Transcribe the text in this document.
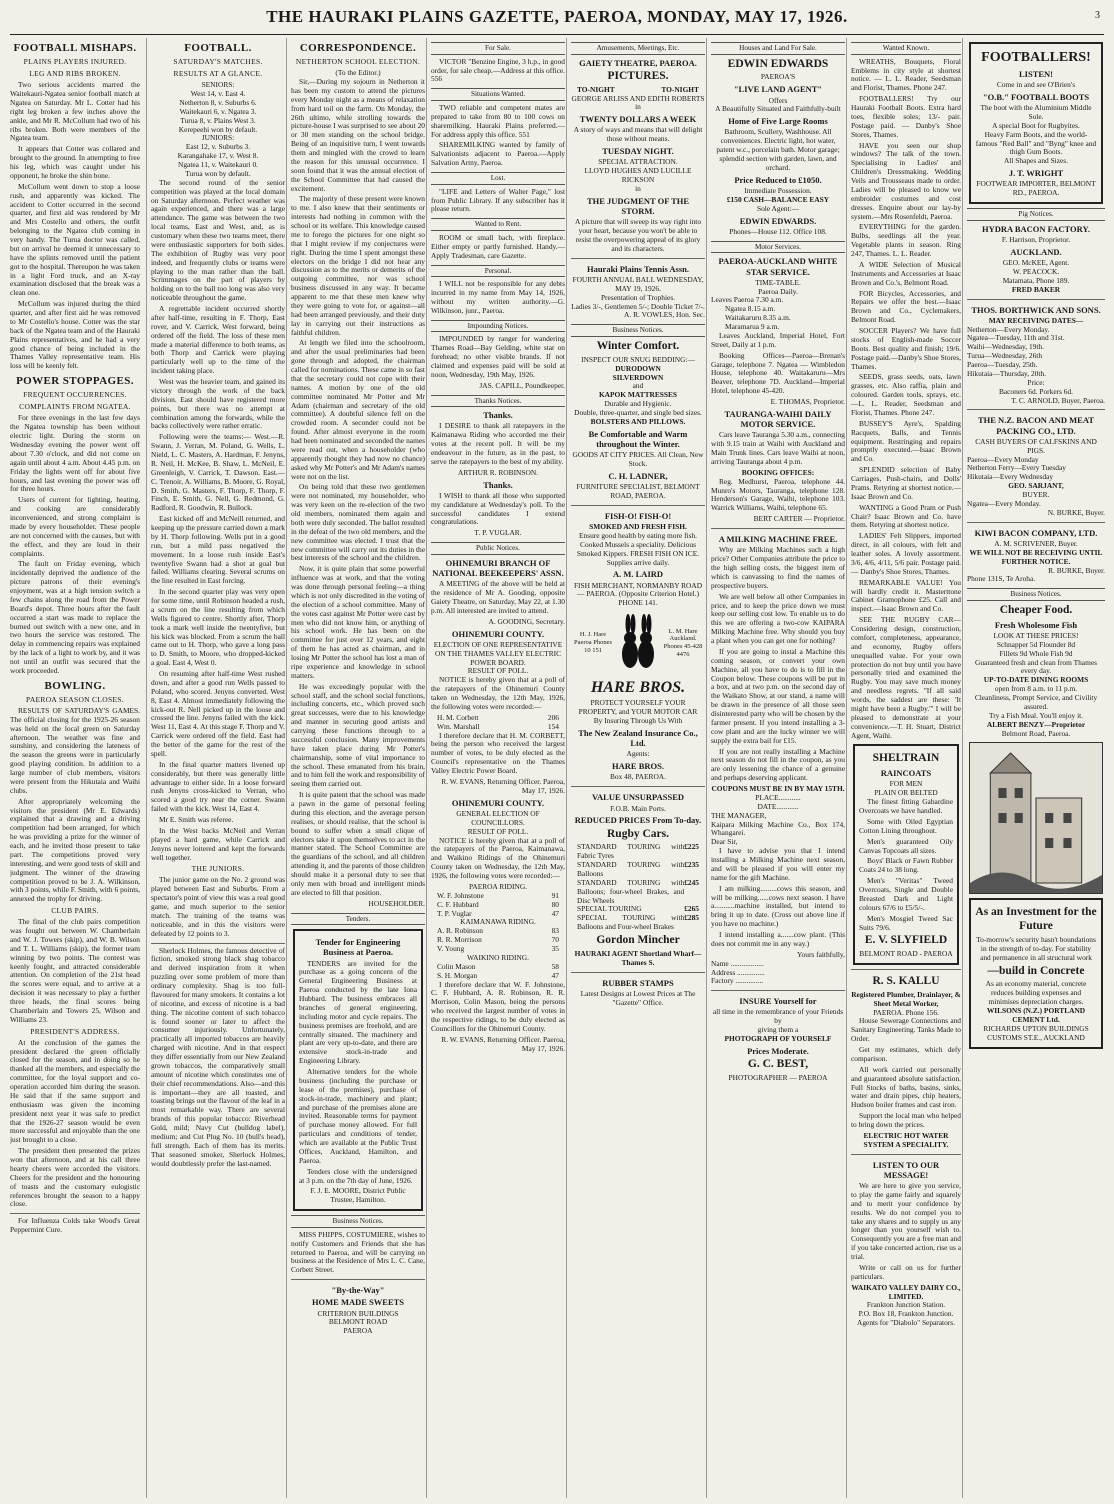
THE HAURAKI PLAINS GAZETTE, PAEROA, MONDAY, MAY 17, 1926.	3
FOOTBALL MISHAPS.
PLAINS PLAYERS INJURED.
LEG AND RIBS BROKEN.

Two serious accidents marred the Waitekauri-Ngatea senior football match at Ngatea on Saturday. Mr L. Cotter had his right leg broken a few inches above the ankle, and Mr R. McCollum had two of his ribs broken. Both were members of the Ngatea team.

It appears that Cotter was collared and brought to the ground. In attempting to free his leg, which was caught under his opponent, he broke the shin bone.

McCollum went down to stop a loose rush, and apparently was kicked. The accident to Cotter occurred in the second quarter, and first aid was rendered by Mr and Mrs Costello and others, the outfit belonging to the Ngatea club coming in very handy. The Turua doctor was called, but on arrival he deemed it unnecessary to have the splints removed until the patient got to the hospital. Thereupon he was taken in a light Ford truck, and an X-ray examination disclosed that the break was a clean one.

McCollum was injured during the third quarter, and after first aid he was removed to Mr Costello's house. Cotter was the star back of the Ngatea team and of the Hauraki Plains representatives, and he had a very good chance of being included in the Thames Valley representative team. His loss will be keenly felt.

POWER STOPPAGES.
FREQUENT OCCURRENCES.
COMPLAINTS FROM NGATEA.

For three evenings in the last few days the Ngatea township has been without electric light. During the storm on Wednesday evening the power went off about 7.30 o'clock, and did not come on again until about 4 a.m. About 4.45 p.m. on Friday the lights went off for about five hours, and last evening the power was off for three hours.

Users of current for lighting, heating, and cooking are considerably inconvenienced, and strong complaint is made by every householder. These people are not concerned with the causes, but with the effect, and they are loud in their complaints.

The fault on Friday evening, which incidentally deprived the audience of the picture patrons of their evening's enjoyment, was at a high tension switch a few chains along the road from the Power Board's depot. Three hours after the fault occurred a start was made to replace the burned out switch with a new one, and in two hours the service was restored. The delay in commencing repairs was explained by the lack of a light to work by, and it was not until an outfit was secured that the work proceeded.

BOWLING.
PAEROA SEASON CLOSES.

RESULTS OF SATURDAY'S GAMES. The official closing for the 1925-26 season was held on the local green on Saturday afternoon. The weather was fine and sunshiny, and considering the lateness of the season the greens were in particularly good playing condition. In addition to a large number of club members, visitors were present from the Hikutaia and Waihi clubs.

After appropriately welcoming the visitors the president (Mr E. Edwards) explained that a drawing and a driving competition had been arranged, for which he was providing a prize for the winner of each, and he invited those present to take part. The competitions proved very interesting, and were good tests of skill and judgment. The winner of the drawing competition proved to be J. A. Wilkinson, with 3 points, while F. Smith, with 6 points, annexed the trophy for driving.

CLUB PAIRS.

The final of the club pairs competition was fought out between W. Chamberlain and W. J. Towers (skip), and W. B. Wilson and T. L. Williams (skip), the former team winning by two points. The contest was keenly fought, and attracted considerable attention. On completion of the 21st head the scores were equal, and to arrive at a decision it was necessary to play a further three heads, the final scores being Chamberlain and Towers 25, Wilson and Williams 23.

PRESIDENT'S ADDRESS.

At the conclusion of the games the president declared the green officially closed for the season, and in doing so he thanked all the members, and especially the committee, for the loyal support and co-operation accorded him during the season. He said that if the same support and enthusiasm was given the incoming president next year it was safe to predict that the 1926-27 season would be even more successful and enjoyable than the one just brought to a close.

The president then presented the prizes won that afternoon, and at his call three hearty cheers were accorded the visitors. Cheers for the president and the honouring of toasts and the customary eulogistic references brought the season to a happy close.

For Influenza Colds take Wood's Great Peppermint Cure.

FOOTBALL.
SATURDAY'S MATCHES.
RESULTS AT A GLANCE.
SENIORS:
West 14, v. East 4.
Netherton 8, v. Suburbs 6.
Waitekauri 6, v. Ngatea 3.
Turua 8, v. Plains West 3.
Kerepeehi won by default.
JUNIORS:
East 12, v. Suburbs 3.
Karangahake 17, v. West 8.
Ngatea 11, v. Waitekauri 0.
Turua won by default.

The second round of the senior competition was played at the local domain on Saturday afternoon. Perfect weather was again experienced, and there was a large attendance. The game was between the two local teams, East and West, and, as is customary when these two teams meet, there were enthusiastic supporters for both sides. The exhibition of Rugby was very poor indeed, and frequently clubs or teams were playing to the man rather than the ball. Scrimmages on the part of players by holding on to the ball too long was also very noticeable throughout the game.

A regrettable incident occurred shortly after half-time, resulting in F. Thorp, East rover, and V. Carrick, West forward, being ordered off the field. The loss of these men made a material difference to both teams, as both Thorp and Carrick were playing particularly well up to the time of the incident taking place.

West was the heavier team, and gained its victory through the work of the back division. East should have registered more points, but there was no attempt at combination among the forwards, while the backs collectively were rather erratic.

Following were the teams:— West.—R. Swann, J. Verran, M. Poland, G. Wells, L. Nield, L. C. Masters, A. Hardman, F. Jenyns, R. Neil, H. McKee, B. Shaw, L. McNeil, E. Greenleigh, V. Carrick, T. Dawson. East.—C. Trenoir, A. Williams, B. Moore, G. Royal, D. Smith, G. Masters, F. Thorp, F. Thorp, F. Finch, E. Smith, G. Nell, G. Redmond, G. Radford, R. Goodwin, R. Bullock.

East kicked off and McNeill returned, and keeping up the pressure carried down a mark by H. Thorp following. Wells put in a good run, but a mild pass negatived the movement. In a loose rush inside East's twentyfive Swann had a shot at goal but failed. Williams clearing. Several scrums on the line resulted in East forcing.

In the second quarter play was very open for some time, until Robinson headed a rush, a scrum on the line resulting from which Wells figured to centre. Shortly after, Thorp took a mark well inside the twentyfive, but his kick was blocked. From a scrum the ball came out to H. Thorp, who gave a long pass to D. Smith, to Moore, who dropped-kicked a goal. East 4, West 0.

On resuming after half-time West rushed down, and after a good run Wells passed to Poland, who scored. Jenyns converted. West 8, East 4. Almost immediately following the kick-out R. Nell picked up in the loose and crossed the line. Jenyns failed with the kick. West 11, East 4. At this stage F. Thorp and V. Carrick were ordered off the field. East had the better of the game for the rest of the spell.

In the final quarter matters livened up considerably, but there was generally little advantage to either side. In a loose forward rush Jenyns cross-kicked to Verran, who scored a good try near the corner. Swann failed with the kick. West 14, East 4.

Mr E. Smith was referee.

In the West backs McNeil and Verran played a hard game, while Carrick and Jenyns never loitered and kept the forwards well together.

THE JUNIORS.

The junior game on the No. 2 ground was played between East and Suburbs. From a spectator's point of view this was a real good game, and much superior to the senior match. The training of the teams was noticeable, and in this the visitors were defeated by 12 points to 3.

Sherlock Holmes, the famous detective of fiction, smoked strong black shag tobacco and derived inspiration from it when puzzling over some problem of more than ordinary complexity. Shag is too full-flavoured for many smokers. It contains a lot of nicotine, and excess of nicotine is a bad thing. The nicotine content of such tobacco is found sooner or later to affect the consumer injuriously. Unfortunately, practically all imported tobaccos are heavily charged with nicotine. And in that respect they differ essentially from our New Zealand grown tobaccos, the comparatively small amount of nicotine which constitutes one of their chief recommendations. Also—and this is important—they are all toasted, and toasting brings out the flavour of the leaf in a most remarkable way. There are several brands of this popular tobacco: Riverhead Gold, mild; Navy Cut (bulldog label), medium; and Cut Plug No. 10 (bull's head), full strength. Each of them has its merits. That seasoned smoker, Sherlock Holmes, would doubtlessly prefer the last-named.

CORRESPONDENCE.
NETHERTON SCHOOL ELECTION.
(To the Editor.)

Sir,—During my sojourn in Netherton it has been my custom to attend the pictures every Monday night as a means of relaxation from hard toil on the farm. On Monday, the 26th ultimo, while strolling towards the picture-house I was surprised to see about 20 or 30 men standing on the school bridge. Being of an inquisitive turn, I went towards them and mingled with the crowd to learn the reason for this unusual occurrence. I soon found that it was the annual election of the School Committee that had caused the excitement.

The majority of these present were known to me. I also knew that their sentiments or interests had nothing in common with the school or its welfare. This knowledge caused me to forego the pictures for one night so that I might review if my conjectures were right. During the time I spent amongst these electors on the bridge I did not hear any discussion as to the merits or demerits of the outgoing committee, nor was school business discussed in any way. It became apparent to me that these men knew why they were going to vote for, or against—all had been arranged previously, and their duty lay in carrying out their instructions as faithful children.

At length we filed into the schoolroom, and after the usual preliminaries had been gone through and adopted, the chairman called for nominations. These came in so fast that the secretary could not cope with their names. A motion by one of the old committee nominated Mr Potter and Mr Adam (chairman and secretary of the old committee). A doubtful silence fell on the crowded room. A seconder could not be found. After almost everyone in the room had been nominated and seconded the names were read out, when a householder (who apparently thought they had now no chance) asked why Mr Potter's and Mr Adam's names were not on the list.

On being told that these two gentlemen were not nominated, my householder, who was very keen on the re-election of the two old members, nominated them again and both were duly seconded. The ballot resulted in the defeat of the two old members, and the new committee was elected. I trust that the new committee will carry out its duties in the best interests of the school and the children.

Now, it is quite plain that some powerful influence was at work, and that the voting was done through personal feeling—a thing which is not only discredited in the voting of the election of a school committee. Many of the votes cast against Mr Potter were cast by men who did not know him, or anything of his school work. He has been on the committee for just over 12 years, and eight of them he has acted as chairman, and in losing Mr Potter the school has lost a man of ripe experience and knowledge in school matters.

He was exceedingly popular with the school staff, and the school social functions, including concerts, etc., which proved such great successes, were due to his knowledge and manner in securing good artists and carrying these functions through to a successful conclusion. Many improvements have taken place during Mr Potter's chairmanship, some of vital importance to the school. These emanated from his brain, and to him fell the work and responsibility of seeing them carried out.

It is quite patent that the school was made a pawn in the game of personal feeling during this election, and the average person realises, or should realise, that the school is bound to suffer when a small clique of electors take it upon themselves to act in the manner stated. The School Committee are the guardians of the school, and all children attending it, and the parents of those children should make it a personal duty to see that only men with broad and intelligent minds are elected to fill that position.

HOUSEHOLDER.
Tenders.
Tender for Engineering Business at Paeroa.

TENDERS are invited for the purchase as a going concern of the General Engineering Business at Paeroa conducted by the late Iona Hubbard. The business embraces all branches of general engineering, including motor and cycle repairs. The business premises are freehold, and are centrally situated. The machinery and plant are very up-to-date, and there are extensive stock-in-trade and Engineering Library.

Alternative tenders for the whole business (including the purchase or lease of the premises), purchase of stock-in-trade, machinery and plant; and purchase of the premises alone are invited. Reasonable terms for payment of purchase money allowed. For full particulars and conditions of tender, which are available at the Public Trust Offices, Auckland, Hamilton, and Paeroa.

Tenders close with the undersigned at 3 p.m. on the 7th day of June, 1926.

F. J. E. MOORE, District Public Trustee, Hamilton.
Business Notices.

MISS PHIPPS, COSTUMIERE, wishes to notify Customers and Friends that she has returned to Paeroa, and will be carrying on business at the Residence of Mrs L. C. Cane, Corbett Street.

"By-the-Way"
HOME MADE SWEETS
CRITERION BUILDINGS
BELMONT ROAD
PAEROA
For Sale.

VICTOR "Benzine Engine, 3 h.p., in good order, for sale cheap.—Address at this office. 556

Situations Wanted.

TWO reliable and competent mates are prepared to take from 80 to 100 cows on sharemilking. Hauraki Plains preferred.—For address apply this office. 551

SHAREMILKING wanted by family of Salvationists adjacent to Paeroa.—Apply Salvation Army, Paeroa.

Lost.

"LIFE and Letters of Walter Page," lost from Public Library. If any subscriber has it please return.

Wanted to Rent.

ROOM or small bach, with fireplace. Either empty or partly furnished. Handy.—Apply Tradesman, care Gazette.

Personal.

I WILL not be responsible for any debts incurred in my name from May 14, 1926, without my written authority.—G. Wilkinson, junr., Paeroa.

Impounding Notices.

IMPOUNDED by ranger for wandering Thames Road—Bay Gelding, white star on forehead; no other visible brands. If not claimed and expenses paid will be sold at noon, Wednesday, 19th May, 1926.

JAS. CAPILL, Poundkeeper.
Thanks Notices.
Thanks.

I DESIRE to thank all ratepayers in the Kaimanawa Riding who accorded me their votes at the recent poll. It will be my endeavour in the future, as in the past, to serve the ratepayers to the best of my ability.

ARTHUR R. ROBINSON.
Thanks.

I WISH to thank all those who supported my candidature at Wednesday's poll. To the successful candidates I extend congratulations.

T. P. VUGLAR.
Public Notices.
OHINEMURI BRANCH OF NATIONAL BEEKEEPERS' ASSN.

A MEETING of the above will be held at the residence of Mr A. Gooding, opposite Gaiety Theatre, on Saturday, May 22, at 1.30 p.m. All interested are invited to attend.

A. GOODING, Secretary.
OHINEMURI COUNTY.
ELECTION OF ONE REPRESENTATIVE ON THE THAMES VALLEY ELECTRIC POWER BOARD.
RESULT OF POLL.

NOTICE is hereby given that at a poll of the ratepayers of the Ohinemuri County taken on Wednesday, the 12th May, 1926, the following votes were recorded:—

H. M. Corbett	206
Wm. Marshall	154

I therefore declare that H. M. CORBETT, being the person who received the largest number of votes, to be duly elected as the Council's representative on the Thames Valley Electric Power Board.

R. W. EVANS, Returning Officer. Paeroa, May 17, 1926.
OHINEMURI COUNTY.
GENERAL ELECTION OF COUNCILLORS.
RESULT OF POLL.

NOTICE is hereby given that at a poll of the ratepayers of the Paeroa, Kaimanawa, and Waikino Ridings of the Ohinemuri County taken on Wednesday, the 12th May, 1926, the following votes were recorded:—

PAEROA RIDING.
W. F. Johnstone	91
C. F. Hubbard	80
T. P. Vuglar	47
KAIMANAWA RIDING.
A. R. Robinson	83
R. R. Morrison	70
V. Young	35
WAIKINO RIDING.
Colin Mason	58
S. H. Morgan	47

I therefore declare that W. F. Johnstone, C. F. Hubbard, A. R. Robinson, R. R. Morrison, Colin Mason, being the persons who received the largest number of votes in the respective ridings, to be duly elected as Councillors for the Ohinemuri County.

R. W. EVANS, Returning Officer. Paeroa, May 17, 1926.
Amusements, Meetings, Etc.
GAIETY THEATRE, PAEROA.
PICTURES.
TO-NIGHT	TO-NIGHT
GEORGE ARLISS AND EDITH ROBERTS
in
TWENTY DOLLARS A WEEK
A story of ways and means that will delight those without means.
TUESDAY NIGHT.
SPECIAL ATTRACTION.
LLOYD HUGHES AND LUCILLE RICKSON
in
THE JUDGMENT OF THE STORM.
A picture that will sweep its way right into your heart, because you won't be able to resist the overpowering appeal of its glory and its characters.
Hauraki Plains Tennis Assn.
FOURTH ANNUAL BALL WEDNESDAY, MAY 19, 1926.
Presentation of Trophies.
Ladies 3/-, Gentlemen 5/-; Double Ticket 7/-.
A. R. VOWLES, Hon. Sec.
Business Notices.
Winter Comfort.
INSPECT OUR SNUG BEDDING:—
DURODOWN
SILVERDOWN
and
KAPOK MATTRESSES
Durable and Hygienic.
Double, three-quarter, and single bed sizes.
BOLSTERS AND PILLOWS.
Be Comfortable and Warm throughout the Winter.
GOODS AT CITY PRICES. All Clean, New Stock.
C. H. LADNER,
FURNITURE SPECIALIST, BELMONT ROAD, PAEROA.
FISH-O! FISH-O!
SMOKED AND FRESH FISH.
Ensure good health by eating more fish. Cooked Mussels a speciality. Delicious Smoked Kippers. FRESH FISH ON ICE. Supplies arrive daily.
A. M. LAIRD
FISH MERCHANT, NORMANBY ROAD — PAEROA. (Opposite Criterion Hotel.) PHONE 141.
H. J. Hare Paeroa Phones 10 151
L. M. Hare Auckland. Phones 45-428 4476
HARE BROS.
PROTECT YOURSELF YOUR PROPERTY, and YOUR MOTOR CAR
By Insuring Through Us With
The New Zealand Insurance Co., Ltd.
Agents:
HARE BROS.
Box 48, PAEROA.
VALUE UNSURPASSED
F.O.B. Main Ports.
REDUCED PRICES From To-day.
Rugby Cars.
STANDARD TOURING with Fabric Tyres
£225
STANDARD TOURING with Balloons
£235
STANDARD TOURING with Balloons; four-wheel Brakes, and Disc Wheels
£245
SPECIAL TOURING	£265
SPECIAL TOURING with Balloons and Four-wheel Brakes
£285
Gordon Mincher
HAURAKI AGENT Shortland Wharf—Thames S.
RUBBER STAMPS
Latest Designs at Lowest Prices at The "Gazette" Office.
Houses and Land For Sale.
EDWIN EDWARDS
PAEROA'S
"LIVE LAND AGENT"
Offers
A Beautifully Situated and Faithfully-built
Home of Five Large Rooms
Bathroom, Scullery, Washhouse. All conveniences. Electric light, hot water, patent w.c., porcelain bath. Motor garage; splendid section with garden, lawn, and orchard.
Price Reduced to £1050.
Immediate Possession.
£150 CASH—BALANCE EASY
Sole Agent:—
EDWIN EDWARDS.
Phones—House 112. Office 108.
Motor Services.
PAEROA-AUCKLAND WHITE STAR SERVICE.
TIME-TABLE.
Paeroa Daily.
Leaves Paeroa 7.30 a.m.
Ngatea 8.15 a.m.
Waitakaruru 8.35 a.m.
Maramarua 9 a.m.

Leaves Auckland, Imperial Hotel, Fort Street, Daily at 1 p.m.

Booking Offices—Paeroa—Brenan's Garage, telephone 7. Ngatea — Wimbledon House, telephone 40. Waitakaruru—Mrs Beaver, telephone 7D. Auckland—Imperial Hotel, telephone 45-420.

E. THOMAS, Proprietor.
TAURANGA-WAIHI DAILY MOTOR SERVICE.

Cars leave Tauranga 5.30 a.m., connecting with 9.15 train at Waihi with Auckland and Main Trunk lines. Cars leave Waihi at noon, arriving Tauranga about 4 p.m.

BOOKING OFFICES:

Reg. Medhurst, Paeroa, telephone 44. Munro's Motors, Tauranga, telephone 128. Henderson's Garage, Waihi, telephone 103. Warrick Williams, Waihi, telephone 65.

BERT CARTER — Proprietor.
A MILKING MACHINE FREE.

Why are Milking Machines such a high price? Other Companies attribute the price to the high selling costs, the biggest item of which is canvassing to find the names of prospective buyers.

We are well below all other Companies in price, and to keep the price down we must keep our selling cost low. To enable us to do this we are offering a two-cow KAIPARA Milking Machine free. Why should you buy a plant when you can get one for nothing?

If you are going to instal a Machine this coming season, or convert your own Machine, all you have to do is to fill in the Coupon below. These coupons will be put in a box, and at two p.m. on the second day of the Waikato Show, at our stand, a name will be drawn in the presence of all those seen disinterested party who will be chosen by the farmer present. If you intend installing a 3-cow plant and are the lucky winner we will supply the extra bail for £15.

If you are not really installing a Machine next season do not fill in the coupon, as you are only lessening the chance of a genuine and perhaps deserving applicant.

COUPONS MUST BE IN BY MAY 15TH.
PLACE............
DATE............
THE MANAGER,
Kaipara Milking Machine Co., Box 174, Whangarei.
Dear Sir,

I have to advise you that I intend installing a Milking Machine next season, and will be pleased if you will enter my name for the gift Machine.

I am milking.........cows this season, and will be milking......cows next season. I have a...........machine installed, but intend to bring it up to date. (Cross out above line if you have no machine.)

I intend installing a.......cow plant. (This does not commit me in any way.)

Yours faithfully,
Name ..................
Address ...............
Factory ...............
INSURE Yourself for
all time in the remembrance of your Friends by
giving them a
PHOTOGRAPH OF YOURSELF
Prices Moderate.
G. C. BEST,
PHOTOGRAPHER — PAEROA
Wanted Known.

WREATHS, Bouquets, Floral Emblems in city style at shortest notice. — L. L. Reader, Seedsman and Florist, Thames. Phone 247.

FOOTBALLERS! Try our Hauraki Football Boots. Extra hard toes, flexible soles; 13/- pair. Postage paid. — Danby's Shoe Stores, Thames.

HAVE you seen our shop windows? The talk of the town. Specialising in Ladies' and Children's Dressmaking. Wedding Veils and Trousseaus made to order. Ladies will be pleased to know we embroider costumes and cost dresses. Enquire about our lay-by system.—Mrs Rosenfeldt, Paeroa.

EVERYTHING for the garden. Bulbs, seedlings all the year. Vegetable plants in season. Ring 247, Thames. L. L. Reader.

A WIDE Selection of Musical Instruments and Accessories at Isaac Brown and Co.'s, Belmont Road.

FOR Bicycles, Accessories, and Repairs we offer the best.—Isaac Brown and Co., Cyclemakers, Belmont Road.

SOCCER Players? We have full stocks of English-made Soccer Boots. Best quality and finish; 19/6. Postage paid.—Danby's Shoe Stores, Thames.

SEEDS, grass seeds, oats, lawn grasses, etc. Also raffia, plain and coloured. Garden tools, sprays, etc.—L. L. Reader, Seedsman and Florist, Thames. Phone 247.

BUSSEY'S Ayre's, Spalding Racquets, Balls, and Tennis equipment. Restringing and repairs promptly executed.—Isaac Brown and Co.

SPLENDID selection of Baby Carriages, Push-chairs, and Dolls' Prams. Retyring at shortest notice.—Isaac Brown and Co.

WANTING a Good Pram or Push Chair? Isaac Brown and Co. have them. Retyring at shortest notice.

LADIES' Felt Slippers, imported direct, in all colours, with felt and leather soles. A lovely assortment. 3/6, 4/6, 4/11, 5/6 pair. Postage paid. — Danby's Shoe Stores, Thames.

REMARKABLE VALUE! You will hardly credit it. Masterttone Cabinet Gramophone £25. Call and inspect.—Isaac Brown and Co.

SEE THE RUGBY CAR—Considering design, construction, comfort, completeness, appearance, and economy, Rugby offers unequalled value. For your own protection do not buy until you have personally tried and examined the Rugby. You may save much money and needless regrets. "If all said words, the saddest are these: 'It might have been a Rugby.'" I will be pleased to demonstrate at your convenience.—T. H. Stuart, District Agent, Waihi.

SHELTRAIN
RAINCOATS
FOR MEN
PLAIN OR BELTED

The finest fitting Gabardine Overcoats we have handled.

Some with Oiled Egyptian Cotton Lining throughout.

Men's guaranteed Oily Canvas Topcoats all sizes.

Boys' Black or Fawn Rubber Coats 24 to 38 long.

Men's "Veritas" Tweed Overcoats, Single and Double Breasted Dark and Light colours 67/6 to £5/5/-.

Men's Mosgiel Tweed Sac Suits 79/6.

E. V. SLYFIELD
BELMONT ROAD - PAEROA
R. S. KALLU
Registered Plumber, Drainlayer, & Sheet Metal Worker,
PAEROA. Phone 156.

House Sewerage Connections and Sanitary Engineering. Tanks Made to Order.

Get my estimates, which defy comparison.

All work carried out personally and guaranteed absolute satisfaction. Full Stocks of baths, basins, sinks, water and drain pipes, chip heaters, Hudson boiler frames and cast iron.

Support the local man who helped to bring down the prices.

ELECTRIC HOT WATER SYSTEM A SPECIALITY.
LISTEN TO OUR MESSAGE!

We are here to give you service, to play the game fairly and squarely and to merit your confidence by results. We do not compel you to take any shares and to supply us any longer than you yourself wish to. Consequently you are a free man and if you take concerted action, rise us a trial.

Write or call on us for further particulars.

WAIKATO VALLEY DAIRY CO., LIMITED.
Frankton Junction Station.
P.O. Box 18, Frankton Junction.
Agents for "Diabolo" Separators.
FOOTBALLERS!
LISTEN!
Come in and see O'Brien's
"O.B." FOOTBALL BOOTS
The boot with the Aluminium Middle Sole.
A special Boot for Rugbyites.
Heavy Farm Boots, and the world-famous "Red Ball" and "Byng" knee and thigh Gum Boots.
All Shapes and Sizes.
J. T. WRIGHT
FOOTWEAR IMPORTER, BELMONT RD., PAEROA.
Pig Notices.
HYDRA BACON FACTORY.
F. Harrison, Proprietor.
AUCKLAND.
GEO. McKEE, Agent.
W. PEACOCK.
Matamata, Phone 189.
FRED BAKER
THOS. BORTHWICK AND SONS.
MAY RECEIVING DATES—
Netherton—Every Monday.
Ngatea—Tuesday, 11th and 31st.
Waihi—Wednesday, 19th.
Turua—Wednesday, 26th
Paeroa—Tuesday, 25th.
Hikutaia—Thursday, 20th.
Price:
Baconers 6d. Porkers 6d.
T. C. ARNOLD, Buyer, Paeroa.
THE N.Z. BACON AND MEAT PACKING CO., LTD.
CASH BUYERS OF CALFSKINS AND PIGS.
Paeroa—Every Monday
Netherton Ferry—Every Tuesday
Hikutaia—Every Wednesday
GEO. SARJANT,
BUYER.
Ngatea—Every Monday.
N. BURKE, Buyer.
KIWI BACON COMPANY, LTD.
A. M. SCRIVENER, Buyer.
WE WILL NOT BE RECEIVING UNTIL FURTHER NOTICE.
R. BURKE, Buyer.
Phone 131S, Te Aroha.
Business Notices.
Cheaper Food.
Fresh Wholesome Fish
LOOK AT THESE PRICES!
Schnapper 5d Flounder 8d
Fillets 9d Whole Fish 9d
Guaranteed fresh and clean from Thames every day.
UP-TO-DATE DINING ROOMS
open from 8 a.m. to 11 p.m.
Cleanliness, Prompt Service, and Civility assured.
Try a Fish Meal. You'll enjoy it.
ALBERT BENZY—Proprietor
Belmont Road, Paeroa.
As an Investment for the Future
To-morrow's security hasn't boundations in the strength of to-day. For stability and permanence in all structural work
—build in Concrete
As an economy material, concrete reduces building expenses and minimises depreciation charges.
WILSONS (N.Z.) PORTLAND CEMENT Ltd.
RICHARDS UPTON BUILDINGS CUSTOMS ST.E., AUCKLAND
